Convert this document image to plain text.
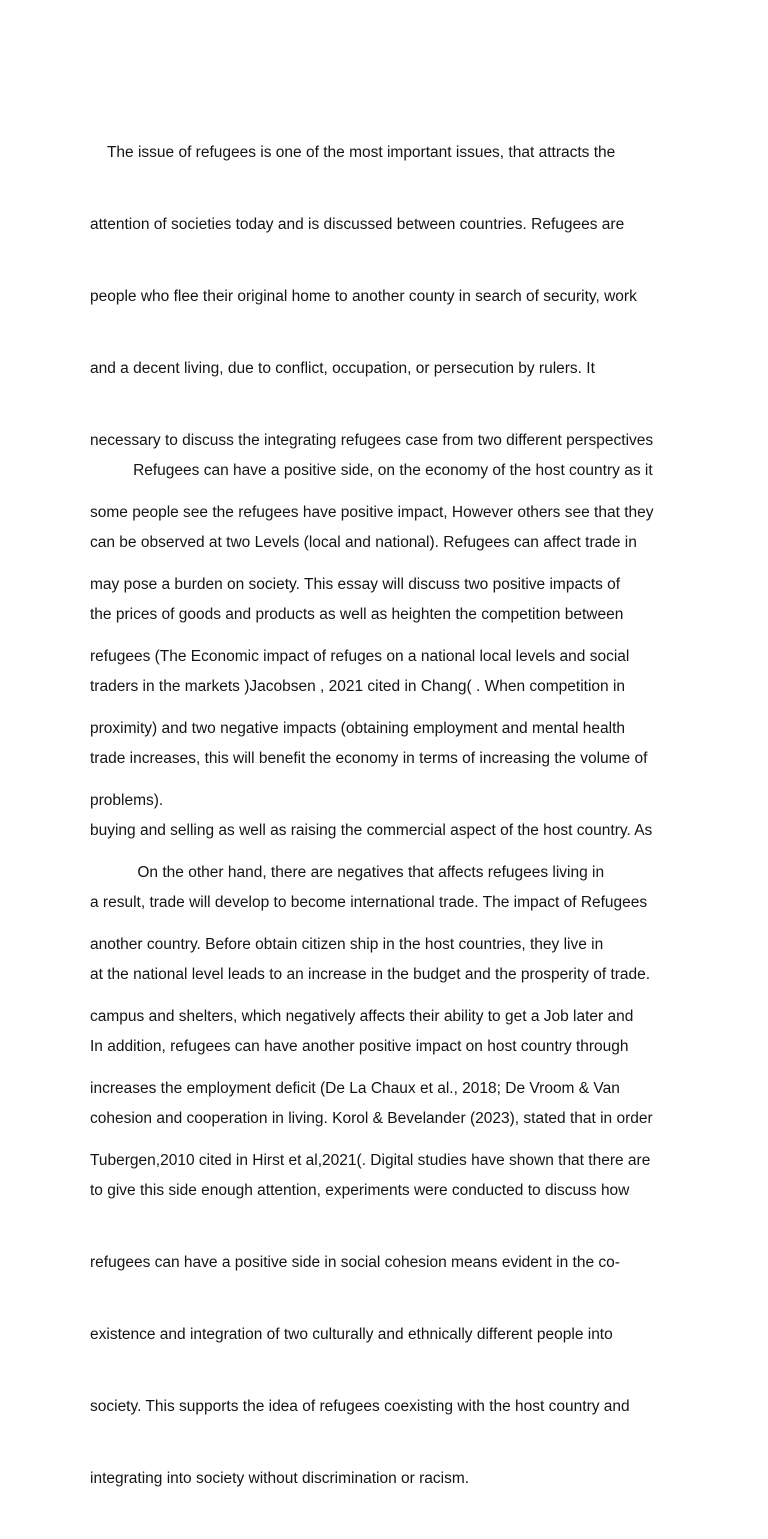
The issue of refugees is one of the most important issues, that attracts the

attention of societies today and is discussed between countries. Refugees are

people who flee their original home to another county in search of security, work

and a decent living, due to conflict, occupation, or persecution by rulers. It

necessary to discuss the integrating refugees case from two different perspectives

some people see the refugees have positive impact, However others see that they

may pose a burden on society. This essay will discuss two positive impacts of

refugees (The Economic impact of refuges on a national local levels and social

proximity) and two negative impacts (obtaining employment and mental health

problems).

Refugees can have a positive side, on the economy of the host country as it

can be observed at two Levels (local and national). Refugees can affect trade in

the prices of goods and products as well as heighten the competition between

traders in the markets )Jacobsen , 2021 cited in Chang( . When competition in

trade increases, this will benefit the economy in terms of increasing the volume of

buying and selling as well as raising the commercial aspect of the host country. As

a result, trade will develop to become international trade. The impact of Refugees

at the national level leads to an increase in the budget and the prosperity of trade.

In addition, refugees can have another positive impact on host country through

cohesion and cooperation in living. Korol & Bevelander (2023), stated that in order

to give this side enough attention, experiments were conducted to discuss how

refugees can have a positive side in social cohesion means evident in the co-

existence and integration of two culturally and ethnically different people into

society. This supports the idea of refugees coexisting with the host country and

integrating into society without discrimination or racism.

On the other hand, there are negatives that affects refugees living in

another country. Before obtain citizen ship in the host countries, they live in

campus and shelters, which negatively affects their ability to get a Job later and

increases the employment deficit (De La Chaux et al., 2018; De Vroom & Van

Tubergen,2010 cited in Hirst et al,2021(. Digital studies have shown that there are
